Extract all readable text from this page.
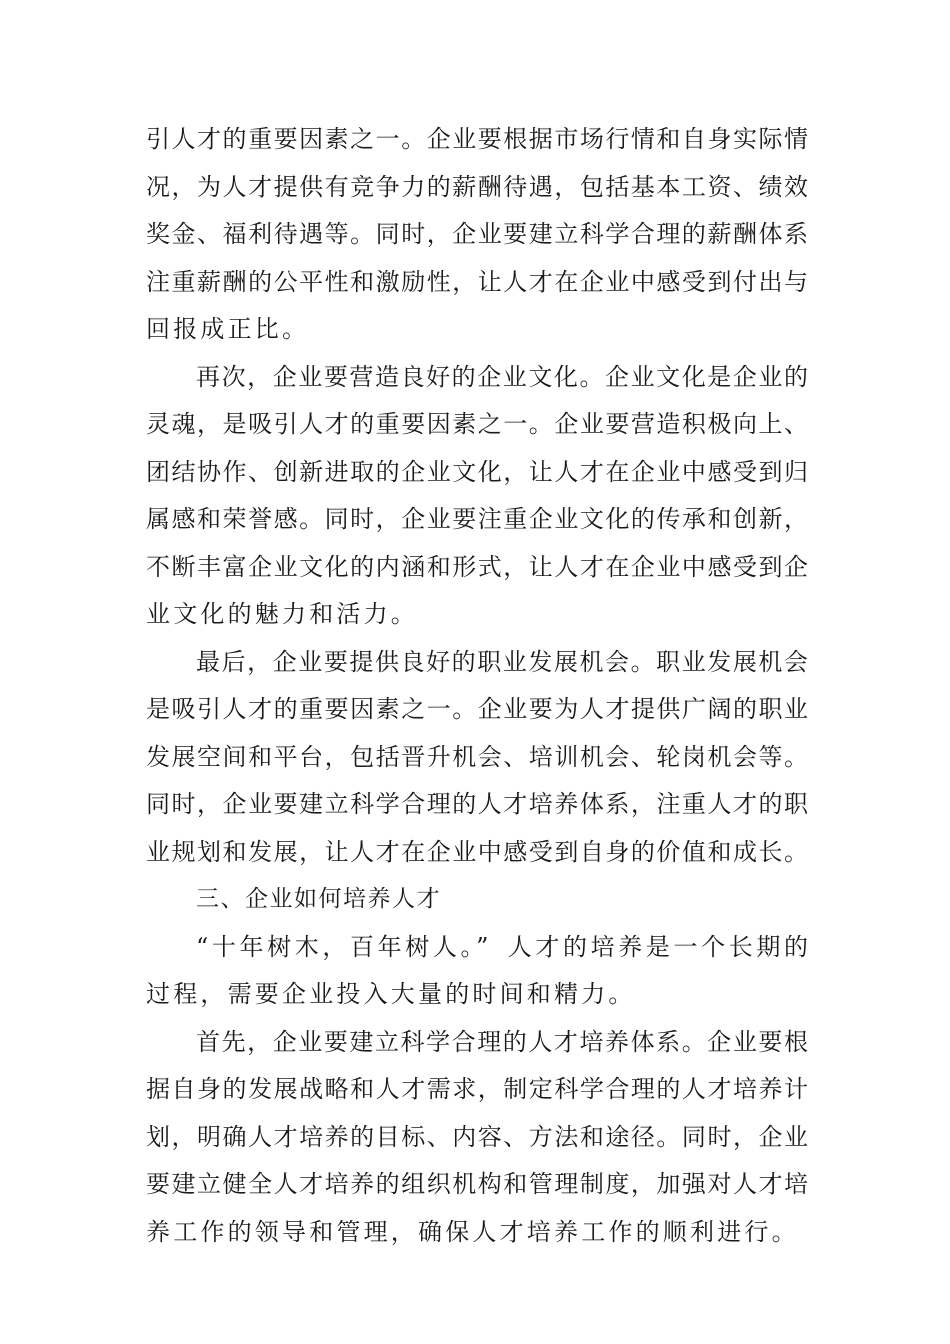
引人才的重要因素之一。企业要根据市场行情和自身实际情
况，为人才提供有竞争力的薪酬待遇，包括基本工资、绩效
奖金、福利待遇等。同时，企业要建立科学合理的薪酬体系
注重薪酬的公平性和激励性，让人才在企业中感受到付出与
回报成正比。
再次，企业要营造良好的企业文化。企业文化是企业的
灵魂，是吸引人才的重要因素之一。企业要营造积极向上、
团结协作、创新进取的企业文化，让人才在企业中感受到归
属感和荣誉感。同时，企业要注重企业文化的传承和创新，
不断丰富企业文化的内涵和形式，让人才在企业中感受到企
业文化的魅力和活力。
最后，企业要提供良好的职业发展机会。职业发展机会
是吸引人才的重要因素之一。企业要为人才提供广阔的职业
发展空间和平台，包括晋升机会、培训机会、轮岗机会等。
同时，企业要建立科学合理的人才培养体系，注重人才的职
业规划和发展，让人才在企业中感受到自身的价值和成长。
三、企业如何培养人才
“十年树木，百年树人。” 人才的培养是一个长期的
过程，需要企业投入大量的时间和精力。
首先，企业要建立科学合理的人才培养体系。企业要根
据自身的发展战略和人才需求，制定科学合理的人才培养计
划，明确人才培养的目标、内容、方法和途径。同时，企业
要建立健全人才培养的组织机构和管理制度，加强对人才培
养工作的领导和管理，确保人才培养工作的顺利进行。
